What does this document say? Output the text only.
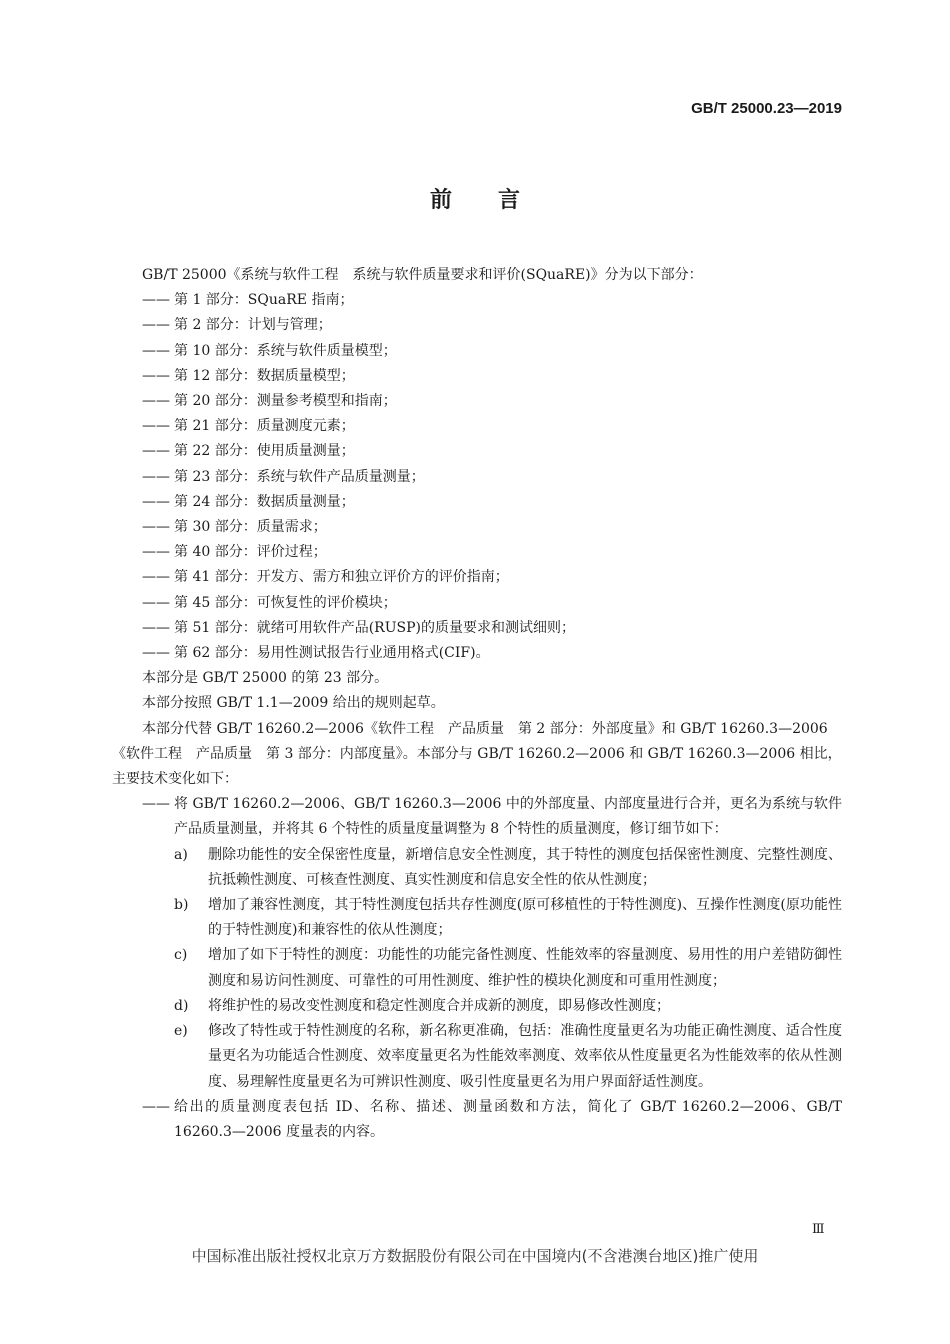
GB/T 25000.23—2019
前言

GB/T 25000《系统与软件工程　系统与软件质量要求和评价(SQuaRE)》分为以下部分：

—— 第 1 部分：SQuaRE 指南；
—— 第 2 部分：计划与管理；
—— 第 10 部分：系统与软件质量模型；
—— 第 12 部分：数据质量模型；
—— 第 20 部分：测量参考模型和指南；
—— 第 21 部分：质量测度元素；
—— 第 22 部分：使用质量测量；
—— 第 23 部分：系统与软件产品质量测量；
—— 第 24 部分：数据质量测量；
—— 第 30 部分：质量需求；
—— 第 40 部分：评价过程；
—— 第 41 部分：开发方、需方和独立评价方的评价指南；
—— 第 45 部分：可恢复性的评价模块；
—— 第 51 部分：就绪可用软件产品(RUSP)的质量要求和测试细则；
—— 第 62 部分：易用性测试报告行业通用格式(CIF)。

本部分是 GB/T 25000 的第 23 部分。

本部分按照 GB/T 1.1—2009 给出的规则起草。

本部分代替 GB/T 16260.2—2006《软件工程　产品质量　第 2 部分：外部度量》和 GB/T 16260.3—2006《软件工程　产品质量　第 3 部分：内部度量》。本部分与 GB/T 16260.2—2006 和 GB/T 16260.3—2006 相比，主要技术变化如下：

—— 将 GB/T 16260.2—2006、GB/T 16260.3—2006 中的外部度量、内部度量进行合并，更名为系统与软件产品质量测量，并将其 6 个特性的质量度量调整为 8 个特性的质量测度，修订细节如下：
a) 删除功能性的安全保密性度量，新增信息安全性测度，其于特性的测度包括保密性测度、完整性测度、抗抵赖性测度、可核查性测度、真实性测度和信息安全性的依从性测度；
b) 增加了兼容性测度，其于特性测度包括共存性测度(原可移植性的于特性测度)、互操作性测度(原功能性的于特性测度)和兼容性的依从性测度；
c) 增加了如下于特性的测度：功能性的功能完备性测度、性能效率的容量测度、易用性的用户差错防御性测度和易访问性测度、可靠性的可用性测度、维护性的模块化测度和可重用性测度；
d) 将维护性的易改变性测度和稳定性测度合并成新的测度，即易修改性测度；
e) 修改了特性或于特性测度的名称，新名称更准确，包括：准确性度量更名为功能正确性测度、适合性度量更名为功能适合性测度、效率度量更名为性能效率测度、效率依从性度量更名为性能效率的依从性测度、易理解性度量更名为可辨识性测度、吸引性度量更名为用户界面舒适性测度。
—— 给出的质量测度表包括 ID、名称、描述、测量函数和方法，简化了 GB/T 16260.2—2006、GB/T 16260.3—2006 度量表的内容。
Ⅲ
中国标准出版社授权北京万方数据股份有限公司在中国境内(不含港澳台地区)推广使用
